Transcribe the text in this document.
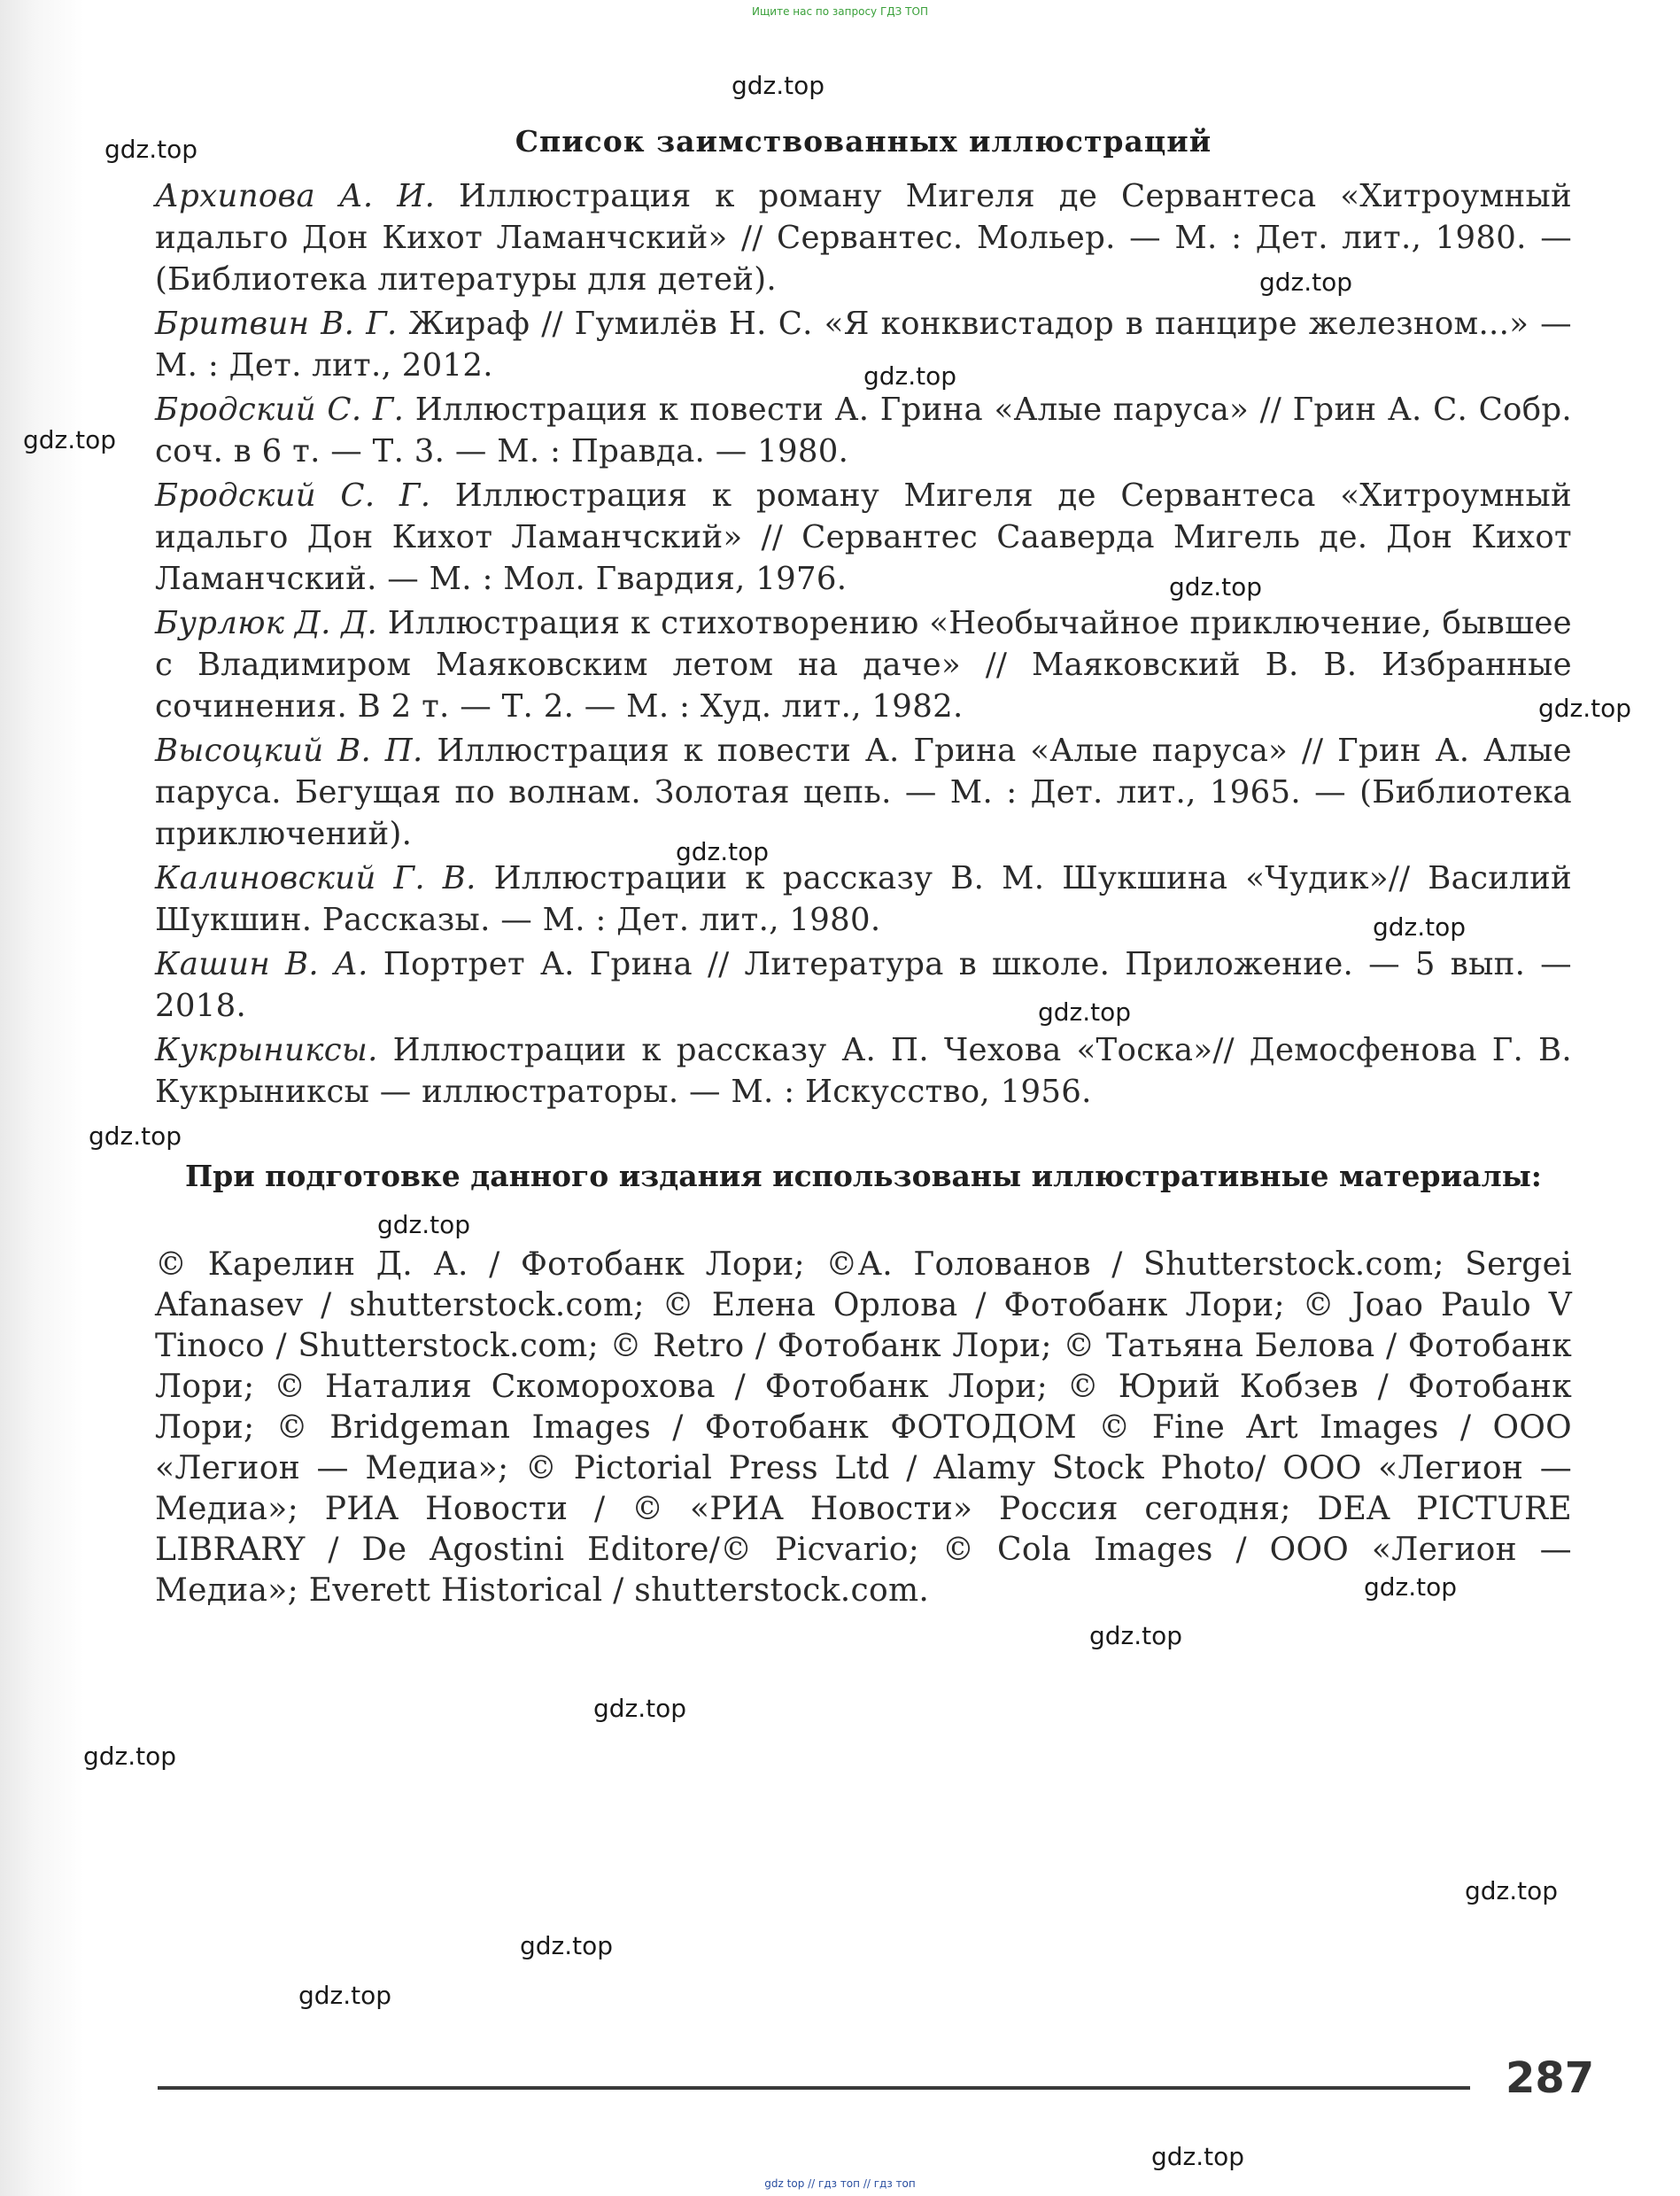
Ищите нас по запросу ГДЗ ТОП
Список заимствованных иллюстраций

Архипова А. И. Иллюстрация к роману Мигеля де Сервантеса «Хитроумный идальго Дон Кихот Ламанчский» // Сервантес. Мольер. — М. : Дет. лит., 1980. — (Библиотека литературы для детей).

Бритвин В. Г. Жираф // Гумилёв Н. С. «Я конквистадор в панцире железном...» — М. : Дет. лит., 2012.

Бродский С. Г. Иллюстрация к повести А. Грина «Алые паруса» // Грин А. С. Собр. соч. в 6 т. — Т. 3. — М. : Правда. — 1980.

Бродский С. Г. Иллюстрация к роману Мигеля де Сервантеса «Хитроумный идальго Дон Кихот Ламанчский» // Сервантес Сааверда Мигель де. Дон Кихот Ламанчский. — М. : Мол. Гвардия, 1976.

Бурлюк Д. Д. Иллюстрация к стихотворению «Необычайное приключение, бывшее с Владимиром Маяковским летом на даче» // Маяковский В. В. Избранные сочинения. В 2 т. — Т. 2. — М. : Худ. лит., 1982.

Высоцкий В. П. Иллюстрация к повести А. Грина «Алые паруса» // Грин А. Алые паруса. Бегущая по волнам. Золотая цепь. — М. : Дет. лит., 1965. — (Библиотека приключений).

Калиновский Г. В. Иллюстрации к рассказу В. М. Шукшина «Чудик»// Василий Шукшин. Рассказы. — М. : Дет. лит., 1980.

Кашин В. А. Портрет А. Грина // Литература в школе. Приложение. — 5 вып. — 2018.

Кукрыниксы. Иллюстрации к рассказу А. П. Чехова «Тоска»// Демосфенова Г. В. Кукрыниксы — иллюстраторы. — М. : Искусство, 1956.

При подготовке данного издания использованы иллюстративные материалы:
© Карелин Д. А. / Фотобанк Лори; ©А. Голованов / Shutterstock.com; Sergei Afanasev / shutterstock.com; © Елена Орлова / Фотобанк Лори; © Joao Paulo V Tinoco / Shutterstock.com; © Retro / Фотобанк Лори; © Татьяна Белова / Фотобанк Лори; © Наталия Скоморохова / Фотобанк Лори; © Юрий Кобзев / Фотобанк Лори; © Bridgeman Images / Фотобанк ФОТОДОМ © Fine Art Images / ООО «Легион — Медиа»; © Pictorial Press Ltd / Alamy Stock Photo/ ООО «Легион — Медиа»; РИА Новости / © «РИА Новости» Россия сегодня; DEA PICTURE LIBRARY / De Agostini Editore/© Picvario; © Cola Images / ООО «Легион — Медиа»; Everett Historical / shutterstock.com.
287
gdz top // гдз топ // гдз топ
gdz.top
gdz.top
gdz.top
gdz.top
gdz.top
gdz.top
gdz.top
gdz.top
gdz.top
gdz.top
gdz.top
gdz.top
gdz.top
gdz.top
gdz.top
gdz.top
gdz.top
gdz.top
gdz.top
gdz.top
